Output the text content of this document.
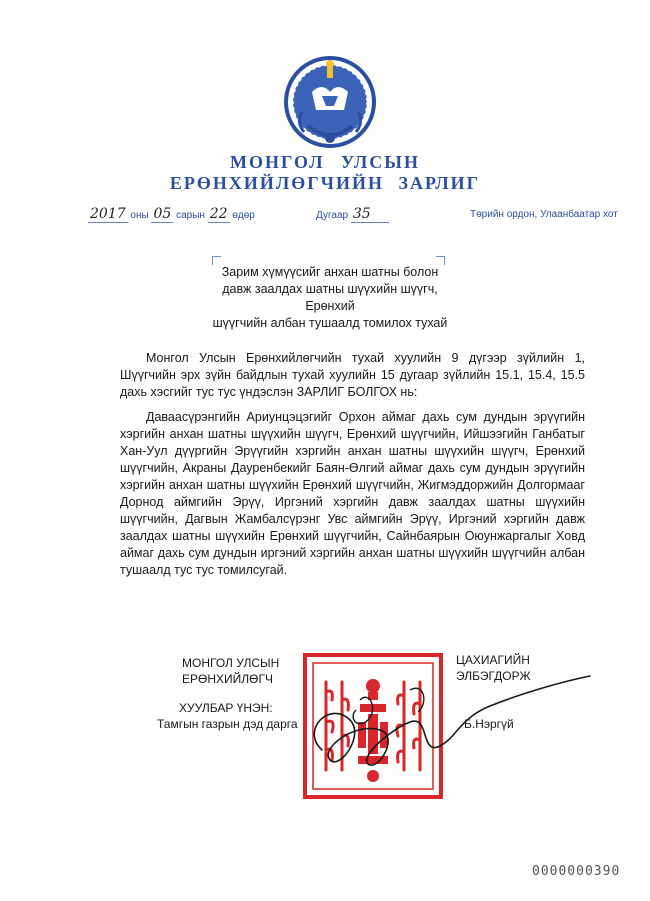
МОНГОЛ УЛСЫН
ЕРӨНХИЙЛӨГЧИЙН ЗАРЛИГ
2017 оны 05 сарын 22 өдөр	Дугаар 35	Төрийн ордон, Улаанбаатар хот
Зарим хүмүүсийг анхан шатны болон
давж заалдах шатны шүүхийн шүүгч, Ерөнхий
шүүгчийн албан тушаалд томилох тухай

Монгол Улсын Ерөнхийлөгчийн тухай хуулийн 9 дүгээр зүйлийн 1, Шүүгчийн эрх зүйн байдлын тухай хуулийн 15 дугаар зүйлийн 15.1, 15.4, 15.5 дахь хэсгийг тус тус үндэслэн ЗАРЛИГ БОЛГОХ нь:

Даваасүрэнгийн Ариунцэцэгийг Орхон аймаг дахь сум дундын эрүүгийн хэргийн анхан шатны шүүхийн шүүгч, Ерөнхий шүүгчийн, Ийшээгийн Ганбатыг Хан-Уул дүүргийн Эрүүгийн хэргийн анхан шатны шүүхийн шүүгч, Ерөнхий шүүгчийн, Акраны Дауренбекийг Баян-Өлгий аймаг дахь сум дундын эрүүгийн хэргийн анхан шатны шүүхийн Ерөнхий шүүгчийн, Жигмэддоржийн Долгормааг Дорнод аймгийн Эрүү, Иргэний хэргийн давж заалдах шатны шүүхийн шүүгчийн, Дагвын Жамбалсүрэнг Увс аймгийн Эрүү, Иргэний хэргийн давж заалдах шатны шүүхийн Ерөнхий шүүгчийн, Сайнбаярын Оюунжаргалыг Ховд аймаг дахь сум дундын иргэний хэргийн анхан шатны шүүхийн шүүгчийн албан тушаалд тус тус томилсугай.

МОНГОЛ УЛСЫН
ЕРӨНХИЙЛӨГЧ
ЦАХИАГИЙН
ЭЛБЭГДОРЖ
ХУУЛБАР ҮНЭН:
Тамгын газрын дэд дарга	Б.Нэргүй
0000000390
